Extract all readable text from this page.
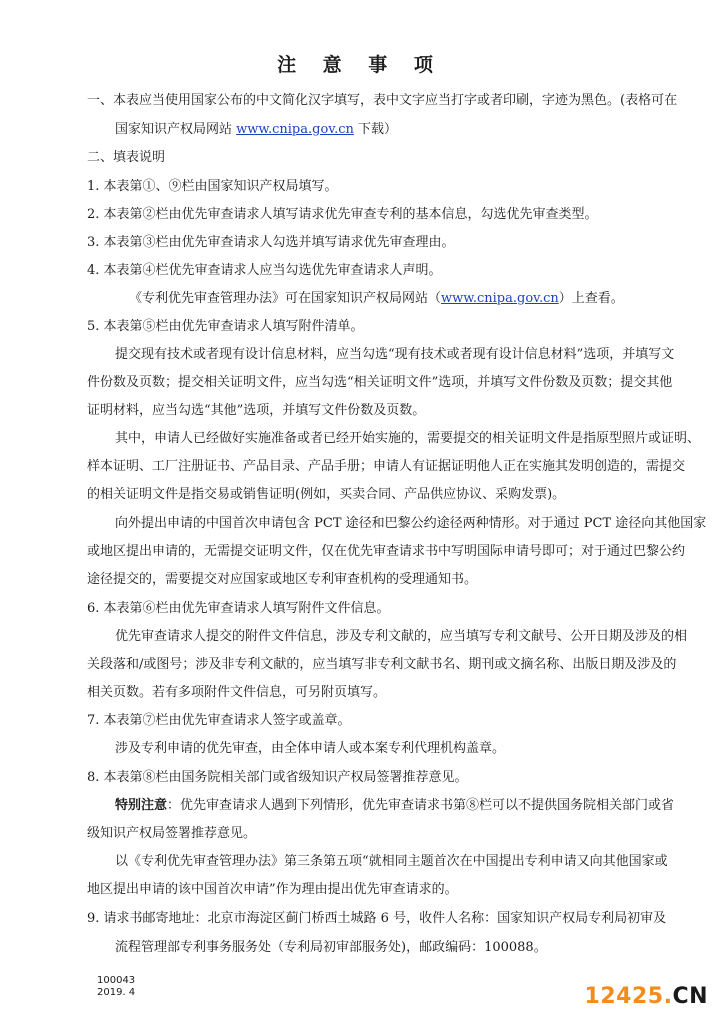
注 意 事 项
一、本表应当使用国家公布的中文简化汉字填写，表中文字应当打字或者印刷，字迹为黑色。(表格可在
国家知识产权局网站 www.cnipa.gov.cn 下载）
二、填表说明
1. 本表第①、⑨栏由国家知识产权局填写。
2. 本表第②栏由优先审查请求人填写请求优先审查专利的基本信息，勾选优先审查类型。
3. 本表第③栏由优先审查请求人勾选并填写请求优先审查理由。
4. 本表第④栏优先审查请求人应当勾选优先审查请求人声明。
《专利优先审查管理办法》可在国家知识产权局网站（www.cnipa.gov.cn）上查看。
5. 本表第⑤栏由优先审查请求人填写附件清单。
提交现有技术或者现有设计信息材料，应当勾选“现有技术或者现有设计信息材料”选项，并填写文
件份数及页数；提交相关证明文件，应当勾选“相关证明文件”选项，并填写文件份数及页数；提交其他
证明材料，应当勾选“其他”选项，并填写文件份数及页数。
其中，申请人已经做好实施准备或者已经开始实施的，需要提交的相关证明文件是指原型照片或证明、
样本证明、工厂注册证书、产品目录、产品手册；申请人有证据证明他人正在实施其发明创造的，需提交
的相关证明文件是指交易或销售证明(例如，买卖合同、产品供应协议、采购发票)。
向外提出申请的中国首次申请包含 PCT 途径和巴黎公约途径两种情形。对于通过 PCT 途径向其他国家
或地区提出申请的，无需提交证明文件，仅在优先审查请求书中写明国际申请号即可；对于通过巴黎公约
途径提交的，需要提交对应国家或地区专利审查机构的受理通知书。
6. 本表第⑥栏由优先审查请求人填写附件文件信息。
优先审查请求人提交的附件文件信息，涉及专利文献的，应当填写专利文献号、公开日期及涉及的相
关段落和/或图号；涉及非专利文献的，应当填写非专利文献书名、期刊或文摘名称、出版日期及涉及的
相关页数。若有多项附件文件信息，可另附页填写。
7. 本表第⑦栏由优先审查请求人签字或盖章。
涉及专利申请的优先审查，由全体申请人或本案专利代理机构盖章。
8. 本表第⑧栏由国务院相关部门或省级知识产权局签署推荐意见。
特别注意：优先审查请求人遇到下列情形，优先审查请求书第⑧栏可以不提供国务院相关部门或省
级知识产权局签署推荐意见。
以《专利优先审查管理办法》第三条第五项“就相同主题首次在中国提出专利申请又向其他国家或
地区提出申请的该中国首次申请”作为理由提出优先审查请求的。
9. 请求书邮寄地址：北京市海淀区蓟门桥西土城路 6 号，收件人名称：国家知识产权局专利局初审及
流程管理部专利事务服务处（专利局初审部服务处)，邮政编码：100088。
100043
2019. 4	12425.CN
